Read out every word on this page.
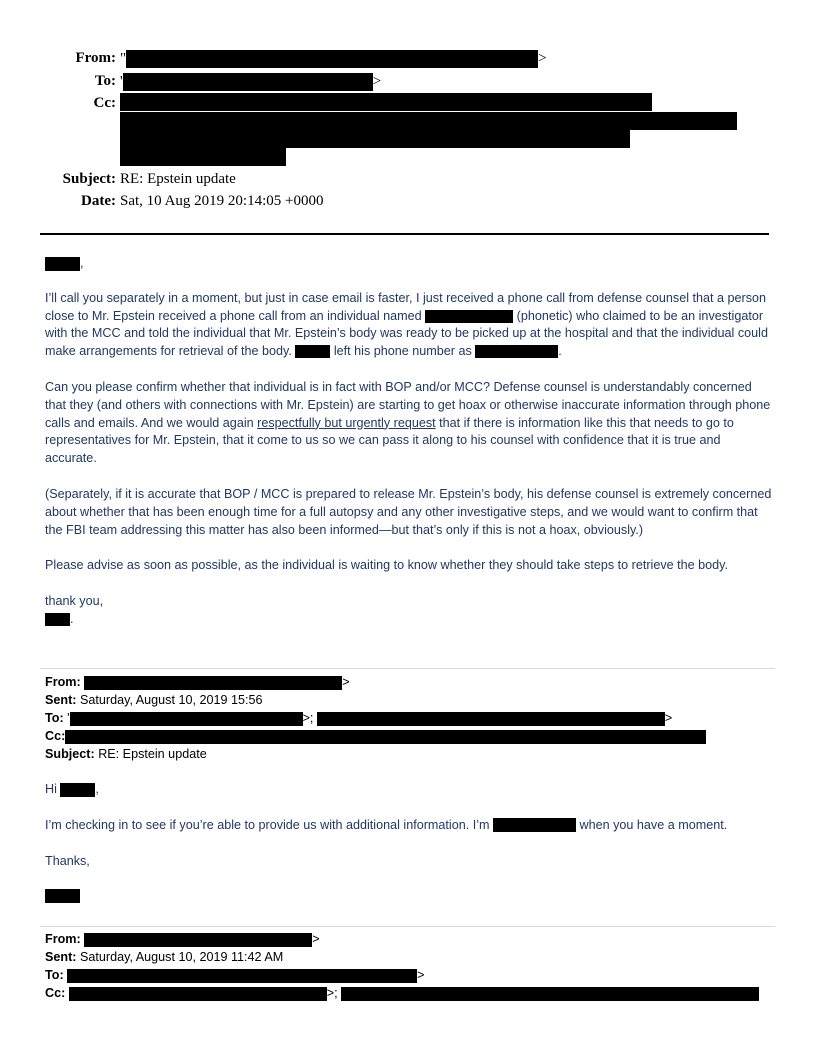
From: "	>
To: '	>
Cc:
Subject: RE: Epstein update
Date: Sat, 10 Aug 2019 20:14:05 +0000

,

I’ll call you separately in a moment, but just in case email is faster, I just received a phone call from defense counsel that a person close to Mr. Epstein received a phone call from an individual named	(phonetic) who claimed to be an investigator with the MCC and told the individual that Mr. Epstein’s body was ready to be picked up at the hospital and that the individual could make arrangements for retrieval of the body.	left his phone number as	.

Can you please confirm whether that individual is in fact with BOP and/or MCC? Defense counsel is understandably concerned that they (and others with connections with Mr. Epstein) are starting to get hoax or otherwise inaccurate information through phone calls and emails. And we would again respectfully but urgently request that if there is information like this that needs to go to representatives for Mr. Epstein, that it come to us so we can pass it along to his counsel with confidence that it is true and accurate.

(Separately, if it is accurate that BOP / MCC is prepared to release Mr. Epstein’s body, his defense counsel is extremely concerned about whether that has been enough time for a full autopsy and any other investigative steps, and we would want to confirm that the FBI team addressing this matter has also been informed—but that’s only if this is not a hoax, obviously.)

Please advise as soon as possible, as the individual is waiting to know whether they should take steps to retrieve the body.

thank you,

.

From:	>
Sent: Saturday, August 10, 2019 15:56
To: '	>;	>
Cc:
Subject: RE: Epstein update

Hi	,

I’m checking in to see if you’re able to provide us with additional information. I’m	when you have a moment.

Thanks,

From:	>
Sent: Saturday, August 10, 2019 11:42 AM
To:	>
Cc:	>;
